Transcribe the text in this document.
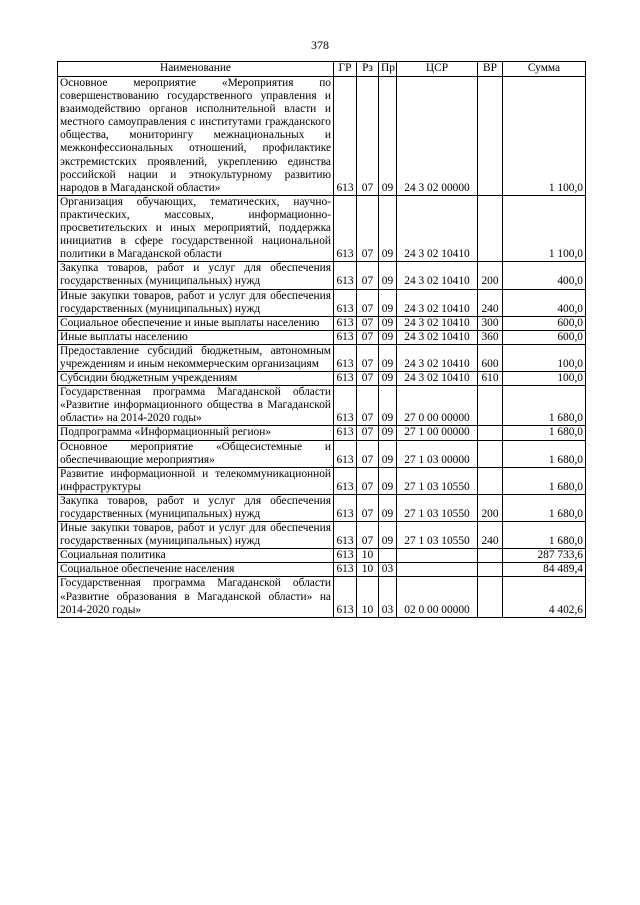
378
Наименование	ГР	Рз	Пр	ЦСР	ВР	Сумма
Основное мероприятие «Мероприятия по совершенствованию государственного управления и взаимодействию органов исполнительной власти и местного самоуправления с институтами гражданского общества, мониторингу межнациональных и межконфессиональных отношений, профилактике экстремистских проявлений, укреплению единства российской нации и этнокультурному развитию народов в Магаданской области»	613	07	09	24 3 02 00000		1 100,0
Организация обучающих, тематических, научно-практических, массовых, информационно-просветительских и иных мероприятий, поддержка инициатив в сфере государственной национальной политики в Магаданской области	613	07	09	24 3 02 10410		1 100,0
Закупка товаров, работ и услуг для обеспечения государственных (муниципальных) нужд	613	07	09	24 3 02 10410	200	400,0
Иные закупки товаров, работ и услуг для обеспечения государственных (муниципальных) нужд	613	07	09	24 3 02 10410	240	400,0
Социальное обеспечение и иные выплаты населению	613	07	09	24 3 02 10410	300	600,0
Иные выплаты населению	613	07	09	24 3 02 10410	360	600,0
Предоставление субсидий бюджетным, автономным учреждениям и иным некоммерческим организациям	613	07	09	24 3 02 10410	600	100,0
Субсидии бюджетным учреждениям	613	07	09	24 3 02 10410	610	100,0
Государственная программа Магаданской области «Развитие информационного общества в Магаданской области» на 2014-2020 годы»	613	07	09	27 0 00 00000		1 680,0
Подпрограмма «Информационный регион»	613	07	09	27 1 00 00000		1 680,0
Основное мероприятие «Общесистемные и обеспечивающие мероприятия»	613	07	09	27 1 03 00000		1 680,0
Развитие информационной и телекоммуникационной инфраструктуры	613	07	09	27 1 03 10550		1 680,0
Закупка товаров, работ и услуг для обеспечения государственных (муниципальных) нужд	613	07	09	27 1 03 10550	200	1 680,0
Иные закупки товаров, работ и услуг для обеспечения государственных (муниципальных) нужд	613	07	09	27 1 03 10550	240	1 680,0
Социальная политика	613	10				287 733,6
Социальное обеспечение населения	613	10	03			84 489,4
Государственная программа Магаданской области «Развитие образования в Магаданской области» на 2014-2020 годы»	613	10	03	02 0 00 00000		4 402,6
